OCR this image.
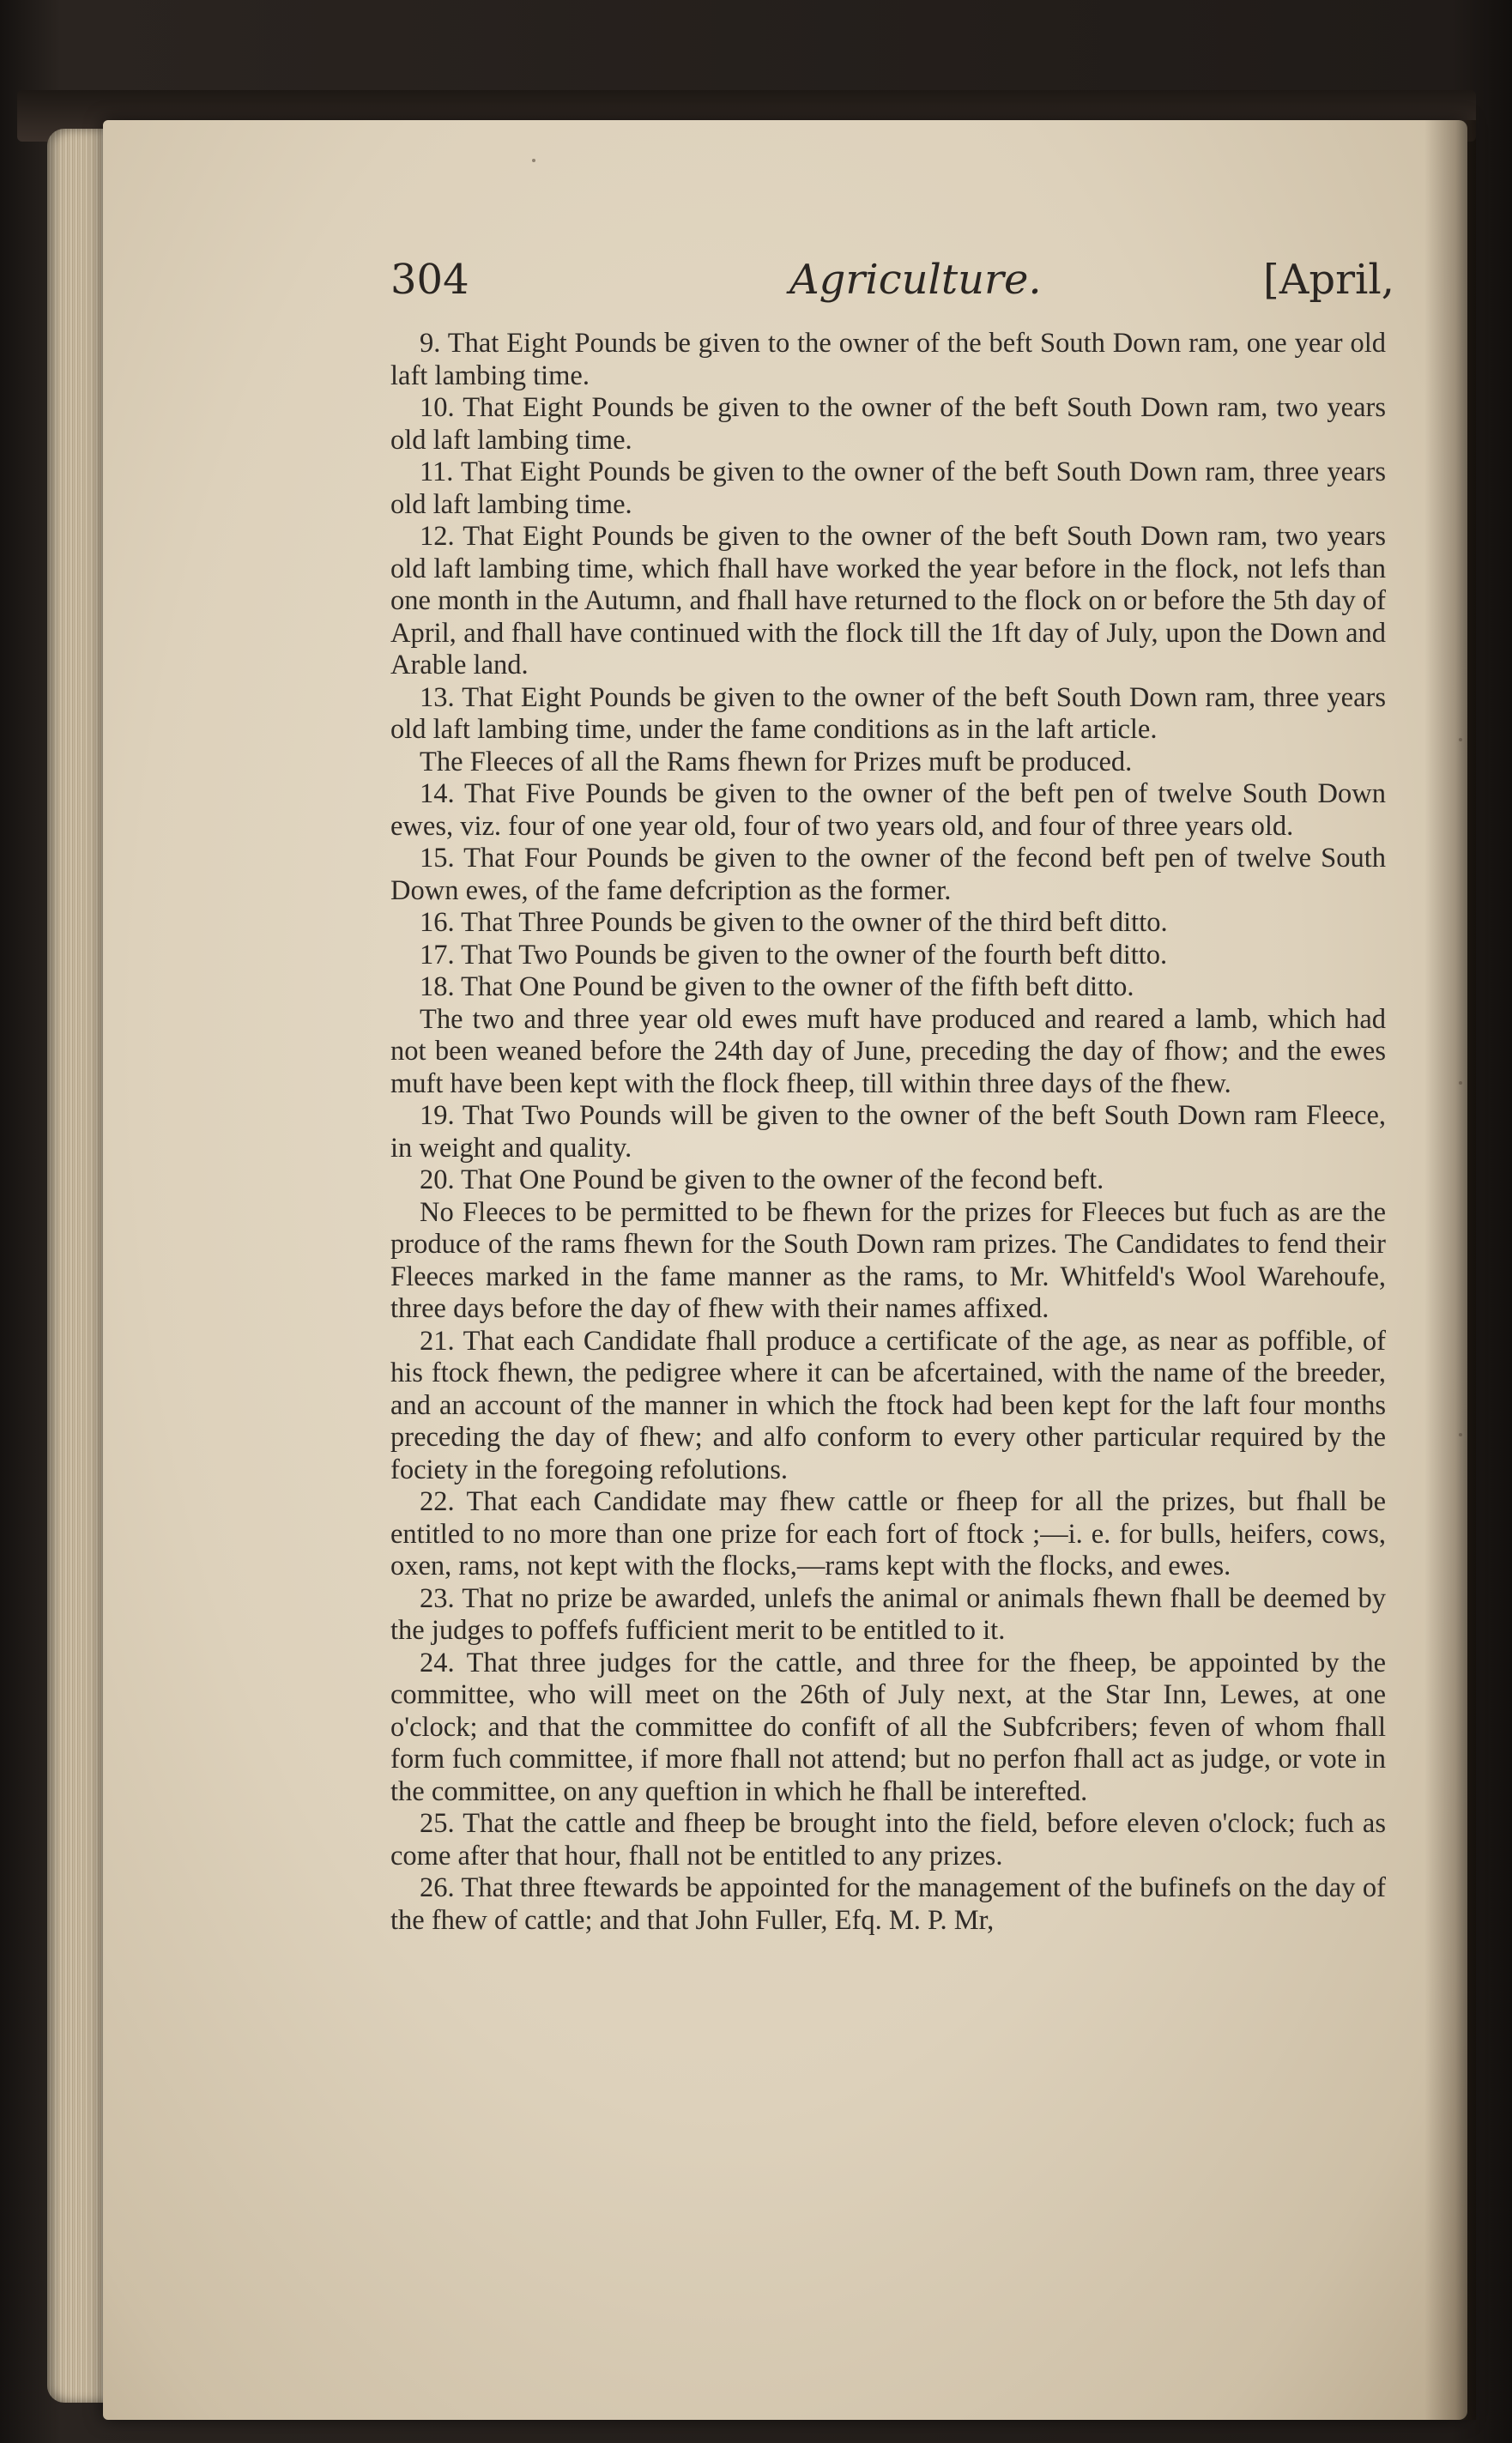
304	Agriculture.	[April,

9. That Eight Pounds be given to the owner of the beft South Down ram, one year old laft lambing time.

10. That Eight Pounds be given to the owner of the beft South Down ram, two years old laft lambing time.

11. That Eight Pounds be given to the owner of the beft South Down ram, three years old laft lambing time.

12. That Eight Pounds be given to the owner of the beft South Down ram, two years old laft lambing time, which fhall have worked the year before in the flock, not lefs than one month in the Autumn, and fhall have returned to the flock on or before the 5th day of April, and fhall have continued with the flock till the 1ft day of July, upon the Down and Arable land.

13. That Eight Pounds be given to the owner of the beft South Down ram, three years old laft lambing time, under the fame conditions as in the laft article.

The Fleeces of all the Rams fhewn for Prizes muft be produced.

14. That Five Pounds be given to the owner of the beft pen of twelve South Down ewes, viz. four of one year old, four of two years old, and four of three years old.

15. That Four Pounds be given to the owner of the fecond beft pen of twelve South Down ewes, of the fame defcription as the former.

16. That Three Pounds be given to the owner of the third beft ditto.

17. That Two Pounds be given to the owner of the fourth beft ditto.

18. That One Pound be given to the owner of the fifth beft ditto.

The two and three year old ewes muft have produced and reared a lamb, which had not been weaned before the 24th day of June, preceding the day of fhow; and the ewes muft have been kept with the flock fheep, till within three days of the fhew.

19. That Two Pounds will be given to the owner of the beft South Down ram Fleece, in weight and quality.

20. That One Pound be given to the owner of the fecond beft.

No Fleeces to be permitted to be fhewn for the prizes for Fleeces but fuch as are the produce of the rams fhewn for the South Down ram prizes. The Candidates to fend their Fleeces marked in the fame manner as the rams, to Mr. Whitfeld's Wool Warehoufe, three days before the day of fhew with their names affixed.

21. That each Candidate fhall produce a certificate of the age, as near as poffible, of his ftock fhewn, the pedigree where it can be afcertained, with the name of the breeder, and an account of the manner in which the ftock had been kept for the laft four months preceding the day of fhew; and alfo conform to every other particular required by the fociety in the foregoing refolutions.

22. That each Candidate may fhew cattle or fheep for all the prizes, but fhall be entitled to no more than one prize for each fort of ftock ;—i. e. for bulls, heifers, cows, oxen, rams, not kept with the flocks,—rams kept with the flocks, and ewes.

23. That no prize be awarded, unlefs the animal or animals fhewn fhall be deemed by the judges to poffefs fufficient merit to be entitled to it.

24. That three judges for the cattle, and three for the fheep, be appointed by the committee, who will meet on the 26th of July next, at the Star Inn, Lewes, at one o'clock; and that the committee do confift of all the Subfcribers; feven of whom fhall form fuch committee, if more fhall not attend; but no perfon fhall act as judge, or vote in the committee, on any queftion in which he fhall be interefted.

25. That the cattle and fheep be brought into the field, before eleven o'clock; fuch as come after that hour, fhall not be entitled to any prizes.

26. That three ftewards be appointed for the management of the bufinefs on the day of the fhew of cattle; and that John Fuller, Efq. M. P. Mr,
